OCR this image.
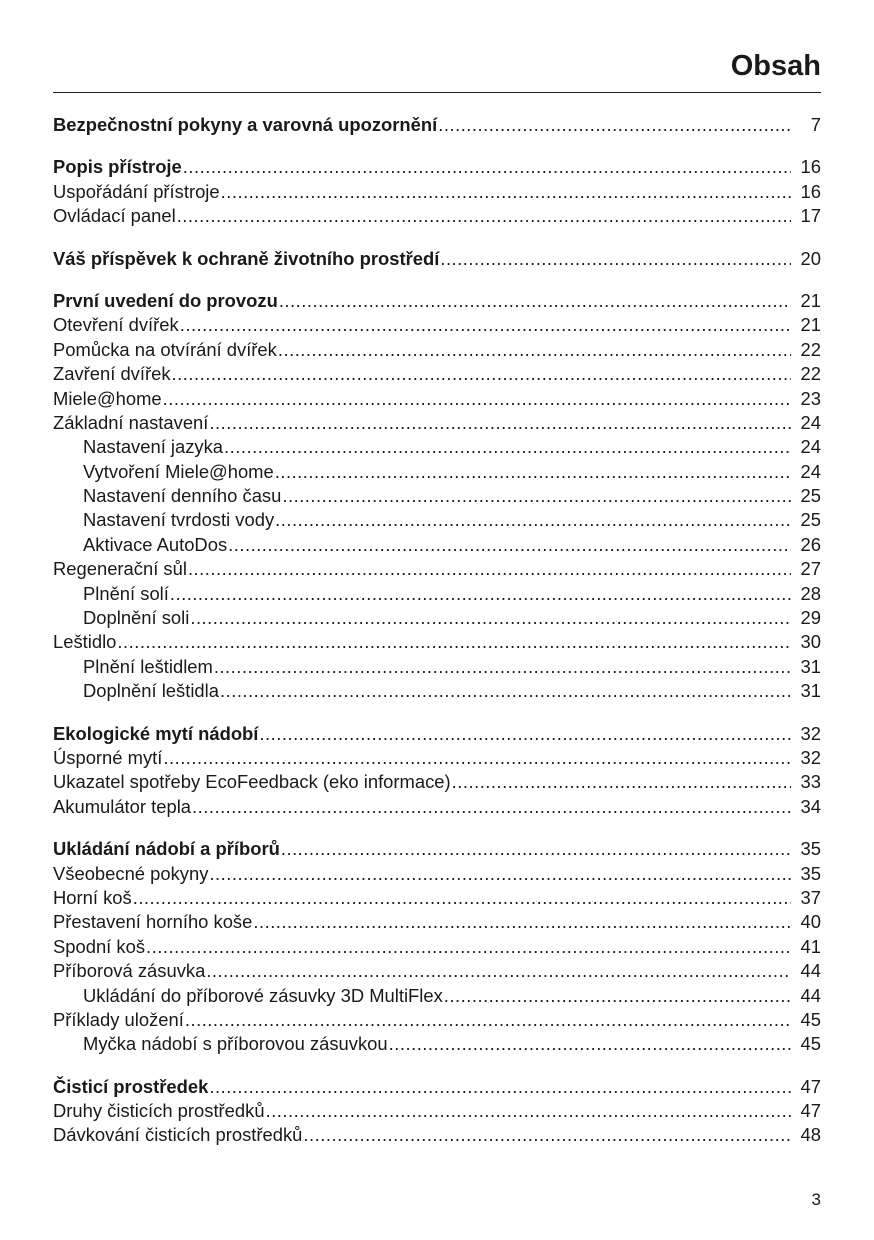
Obsah
Bezpečnostní pokyny a varovná upozornění .....	7
Popis přístroje .....	16
Uspořádání přístroje .....	16
Ovládací panel .....	17
Váš příspěvek k ochraně životního prostředí .....	20
První uvedení do provozu .....	21
Otevření dvířek .....	21
Pomůcka na otvírání dvířek .....	22
Zavření dvířek .....	22
Miele@home .....	23
Základní nastavení .....	24
Nastavení jazyka .....	24
Vytvoření Miele@home .....	24
Nastavení denního času .....	25
Nastavení tvrdosti vody .....	25
Aktivace AutoDos .....	26
Regenerační sůl .....	27
Plnění solí .....	28
Doplnění soli .....	29
Leštidlo .....	30
Plnění leštidlem .....	31
Doplnění leštidla .....	31
Ekologické mytí nádobí .....	32
Úsporné mytí .....	32
Ukazatel spotřeby EcoFeedback (eko informace) .....	33
Akumulátor tepla .....	34
Ukládání nádobí a příborů .....	35
Všeobecné pokyny .....	35
Horní koš .....	37
Přestavení horního koše .....	40
Spodní koš .....	41
Příborová zásuvka .....	44
Ukládání do příborové zásuvky 3D MultiFlex .....	44
Příklady uložení .....	45
Myčka nádobí s příborovou zásuvkou .....	45
Čisticí prostředek .....	47
Druhy čisticích prostředků .....	47
Dávkování čisticích prostředků .....	48
3
